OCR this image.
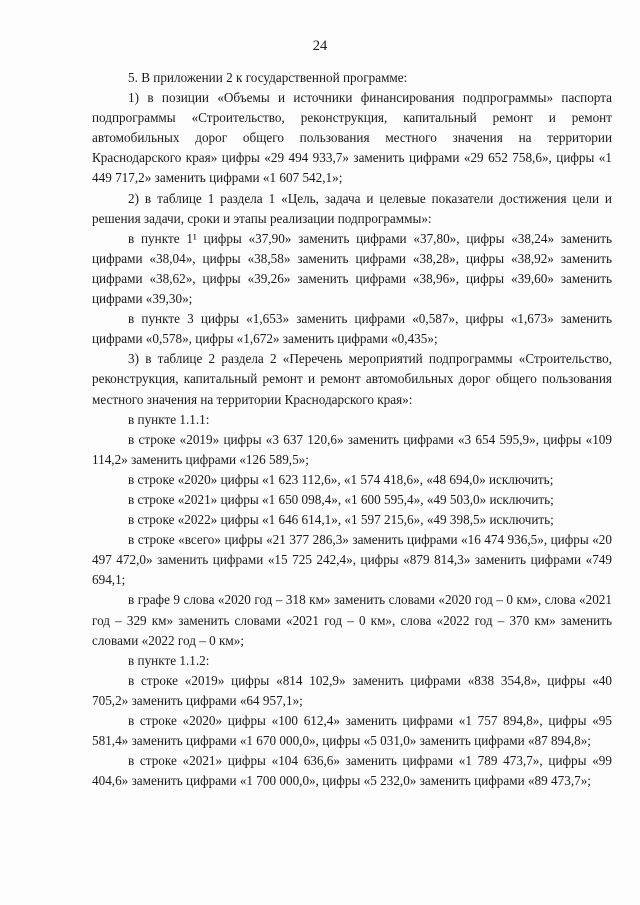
24

5. В приложении 2 к государственной программе:

1) в позиции «Объемы и источники финансирования подпрограммы» паспорта подпрограммы «Строительство, реконструкция, капитальный ремонт и ремонт автомобильных дорог общего пользования местного значения на территории Краснодарского края» цифры «29 494 933,7» заменить цифрами «29 652 758,6», цифры «1 449 717,2» заменить цифрами «1 607 542,1»;

2) в таблице 1 раздела 1 «Цель, задача и целевые показатели достижения цели и решения задачи, сроки и этапы реализации подпрограммы»:

в пункте 1¹ цифры «37,90» заменить цифрами «37,80», цифры «38,24» заменить цифрами «38,04», цифры «38,58» заменить цифрами «38,28», цифры «38,92» заменить цифрами «38,62», цифры «39,26» заменить цифрами «38,96», цифры «39,60» заменить цифрами «39,30»;

в пункте 3 цифры «1,653» заменить цифрами «0,587», цифры «1,673» заменить цифрами «0,578», цифры «1,672» заменить цифрами «0,435»;

3) в таблице 2 раздела 2 «Перечень мероприятий подпрограммы «Строительство, реконструкция, капитальный ремонт и ремонт автомобильных дорог общего пользования местного значения на территории Краснодарского края»:

в пункте 1.1.1:

в строке «2019» цифры «3 637 120,6» заменить цифрами «3 654 595,9», цифры «109 114,2» заменить цифрами «126 589,5»;

в строке «2020» цифры «1 623 112,6», «1 574 418,6», «48 694,0» исключить;

в строке «2021» цифры «1 650 098,4», «1 600 595,4», «49 503,0» исключить;

в строке «2022» цифры «1 646 614,1», «1 597 215,6», «49 398,5» исключить;

в строке «всего» цифры «21 377 286,3» заменить цифрами «16 474 936,5», цифры «20 497 472,0» заменить цифрами «15 725 242,4», цифры «879 814,3» заменить цифрами «749 694,1;

в графе 9 слова «2020 год – 318 км» заменить словами «2020 год – 0 км», слова «2021 год – 329 км» заменить словами «2021 год – 0 км», слова «2022 год – 370 км» заменить словами «2022 год – 0 км»;

в пункте 1.1.2:

в строке «2019» цифры «814 102,9» заменить цифрами «838 354,8», цифры «40 705,2» заменить цифрами «64 957,1»;

в строке «2020» цифры «100 612,4» заменить цифрами «1 757 894,8», цифры «95 581,4» заменить цифрами «1 670 000,0», цифры «5 031,0» заменить цифрами «87 894,8»;

в строке «2021» цифры «104 636,6» заменить цифрами «1 789 473,7», цифры «99 404,6» заменить цифрами «1 700 000,0», цифры «5 232,0» заменить цифрами «89 473,7»;
